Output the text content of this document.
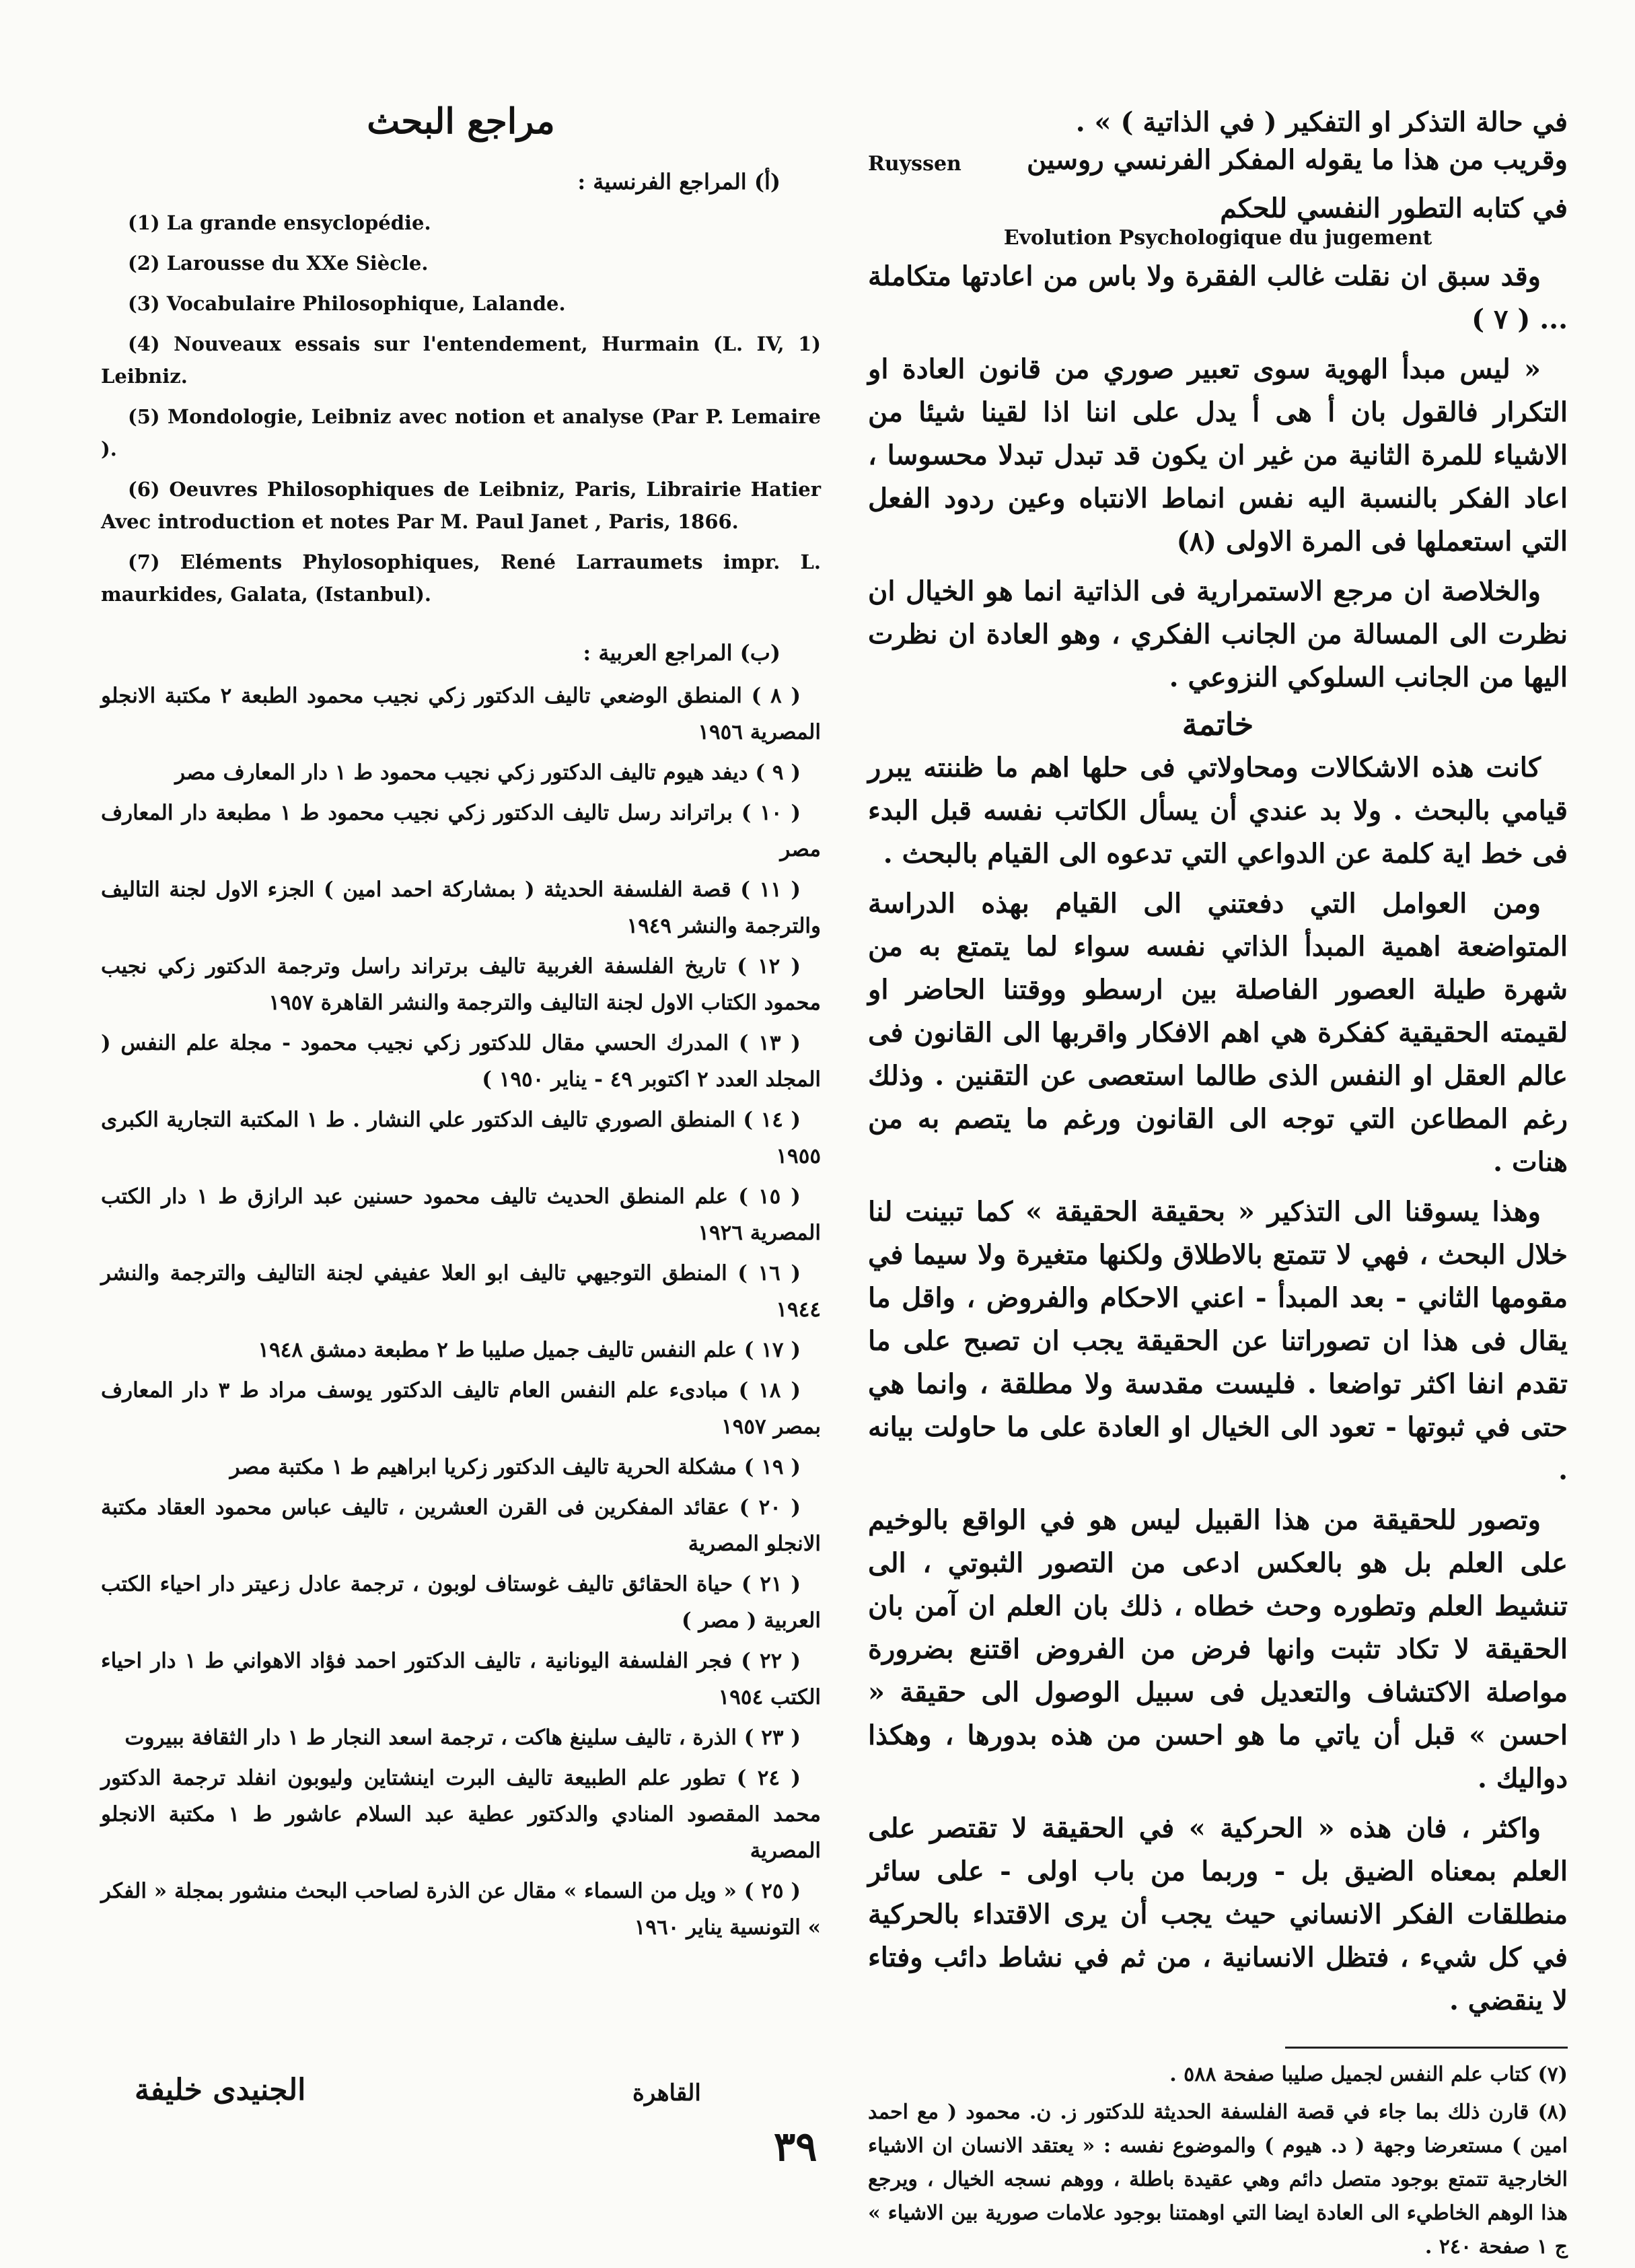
في حالة التذكر او التفكير ( في الذاتية ) » .
Ruyssen وقريب من هذا ما يقوله المفكر الفرنسي روسين
في كتابه التطور النفسي للحكم
Evolution Psychologique du jugement

وقد سبق ان نقلت غالب الفقرة ولا باس من اعادتها متكاملة ... ( ٧ )

« ليس مبدأ الهوية سوى تعبير صوري من قانون العادة او التكرار فالقول بان أ هى أ يدل على اننا اذا لقينا شيئا من الاشياء للمرة الثانية من غير ان يكون قد تبدل تبدلا محسوسا ، اعاد الفكر بالنسبة اليه نفس انماط الانتباه وعين ردود الفعل التي استعملها فى المرة الاولى (٨)

والخلاصة ان مرجع الاستمرارية فى الذاتية انما هو الخيال ان نظرت الى المسالة من الجانب الفكري ، وهو العادة ان نظرت اليها من الجانب السلوكي النزوعي .

خاتمة

كانت هذه الاشكالات ومحاولاتي فى حلها اهم ما ظننته يبرر قيامي بالبحث . ولا بد عندي أن يسأل الكاتب نفسه قبل البدء فى خط اية كلمة عن الدواعي التي تدعوه الى القيام بالبحث .

ومن العوامل التي دفعتني الى القيام بهذه الدراسة المتواضعة اهمية المبدأ الذاتي نفسه سواء لما يتمتع به من شهرة طيلة العصور الفاصلة بين ارسطو ووقتنا الحاضر او لقيمته الحقيقية كفكرة هي اهم الافكار واقربها الى القانون فى عالم العقل او النفس الذى طالما استعصى عن التقنين . وذلك رغم المطاعن التي توجه الى القانون ورغم ما يتصم به من هنات .

وهذا يسوقنا الى التذكير « بحقيقة الحقيقة » كما تبينت لنا خلال البحث ، فهي لا تتمتع بالاطلاق ولكنها متغيرة ولا سيما في مقومها الثاني - بعد المبدأ - اعني الاحكام والفروض ، واقل ما يقال فى هذا ان تصوراتنا عن الحقيقة يجب ان تصبح على ما تقدم انفا اكثر تواضعا . فليست مقدسة ولا مطلقة ، وانما هي حتى في ثبوتها - تعود الى الخيال او العادة على ما حاولت بيانه .

وتصور للحقيقة من هذا القبيل ليس هو في الواقع بالوخيم على العلم بل هو بالعكس ادعى من التصور الثبوتي ، الى تنشيط العلم وتطوره وحث خطاه ، ذلك بان العلم ان آمن بان الحقيقة لا تكاد تثبت وانها فرض من الفروض اقتنع بضرورة مواصلة الاكتشاف والتعديل فى سبيل الوصول الى حقيقة « احسن » قبل أن ياتي ما هو احسن من هذه بدورها ، وهكذا دواليك .

واكثر ، فان هذه « الحركية » في الحقيقة لا تقتصر على العلم بمعناه الضيق بل - وربما من باب اولى - على سائر منطلقات الفكر الانساني حيث يجب أن يرى الاقتداء بالحركية في كل شيء ، فتظل الانسانية ، من ثم في نشاط دائب وفتاء لا ينقضي .

(٧) كتاب علم النفس لجميل صليبا صفحة ٥٨٨ .

(٨) قارن ذلك بما جاء في قصة الفلسفة الحديثة للدكتور ز. ن. محمود ( مع احمد امين ) مستعرضا وجهة ( د. هيوم ) والموضوع نفسه : « يعتقد الانسان ان الاشياء الخارجية تتمتع بوجود متصل دائم وهي عقيدة باطلة ، ووهم نسجه الخيال ، ويرجع هذا الوهم الخاطيء الى العادة ايضا التي اوهمتنا بوجود علامات صورية بين الاشياء » ج ١ صفحة ٢٤٠ .

مراجع البحث
(أ) المراجع الفرنسية :
(1) La grande ensyclopédie.
(2) Larousse du XXe Siècle.
(3) Vocabulaire Philosophique, Lalande.
(4) Nouveaux essais sur l'entendement, Hurmain (L. IV, 1) Leibniz.
(5) Mondologie, Leibniz avec notion et analyse (Par P. Lemaire ).
(6) Oeuvres Philosophiques de Leibniz, Paris, Librairie Hatier Avec introduction et notes Par M. Paul Janet , Paris, 1866.
(7) Eléments Phylosophiques, René Larraumets impr. L. maurkides, Galata, (Istanbul).
(ب) المراجع العربية :
( ٨ ) المنطق الوضعي تاليف الدكتور زكي نجيب محمود الطبعة ٢ مكتبة الانجلو المصرية ١٩٥٦
( ٩ ) ديفد هيوم تاليف الدكتور زكي نجيب محمود ط ١ دار المعارف مصر
( ١٠ ) براتراند رسل تاليف الدكتور زكي نجيب محمود ط ١ مطبعة دار المعارف مصر
( ١١ ) قصة الفلسفة الحديثة ( بمشاركة احمد امين ) الجزء الاول لجنة التاليف والترجمة والنشر ١٩٤٩
( ١٢ ) تاريخ الفلسفة الغربية تاليف برتراند راسل وترجمة الدكتور زكي نجيب محمود الكتاب الاول لجنة التاليف والترجمة والنشر القاهرة ١٩٥٧
( ١٣ ) المدرك الحسي مقال للدكتور زكي نجيب محمود - مجلة علم النفس ( المجلد العدد ٢ اكتوبر ٤٩ - يناير ١٩٥٠ )
( ١٤ ) المنطق الصوري تاليف الدكتور علي النشار . ط ١ المكتبة التجارية الكبرى ١٩٥٥
( ١٥ ) علم المنطق الحديث تاليف محمود حسنين عبد الرازق ط ١ دار الكتب المصرية ١٩٢٦
( ١٦ ) المنطق التوجيهي تاليف ابو العلا عفيفي لجنة التاليف والترجمة والنشر ١٩٤٤
( ١٧ ) علم النفس تاليف جميل صليبا ط ٢ مطبعة دمشق ١٩٤٨
( ١٨ ) مبادىء علم النفس العام تاليف الدكتور يوسف مراد ط ٣ دار المعارف بمصر ١٩٥٧
( ١٩ ) مشكلة الحرية تاليف الدكتور زكريا ابراهيم ط ١ مكتبة مصر
( ٢٠ ) عقائد المفكرين فى القرن العشرين ، تاليف عباس محمود العقاد مكتبة الانجلو المصرية
( ٢١ ) حياة الحقائق تاليف غوستاف لوبون ، ترجمة عادل زعيتر دار احياء الكتب العربية ( مصر )
( ٢٢ ) فجر الفلسفة اليونانية ، تاليف الدكتور احمد فؤاد الاهواني ط ١ دار احياء الكتب ١٩٥٤
( ٢٣ ) الذرة ، تاليف سلينغ هاكت ، ترجمة اسعد النجار ط ١ دار الثقافة ببيروت
( ٢٤ ) تطور علم الطبيعة تاليف البرت اينشتاين وليوبون انفلد ترجمة الدكتور محمد المقصود المنادي والدكتور عطية عبد السلام عاشور ط ١ مكتبة الانجلو المصرية
( ٢٥ ) « ويل من السماء » مقال عن الذرة لصاحب البحث منشور بمجلة « الفكر » التونسية يناير ١٩٦٠
الجنيدى خليفة	القاهرة
٣٩
